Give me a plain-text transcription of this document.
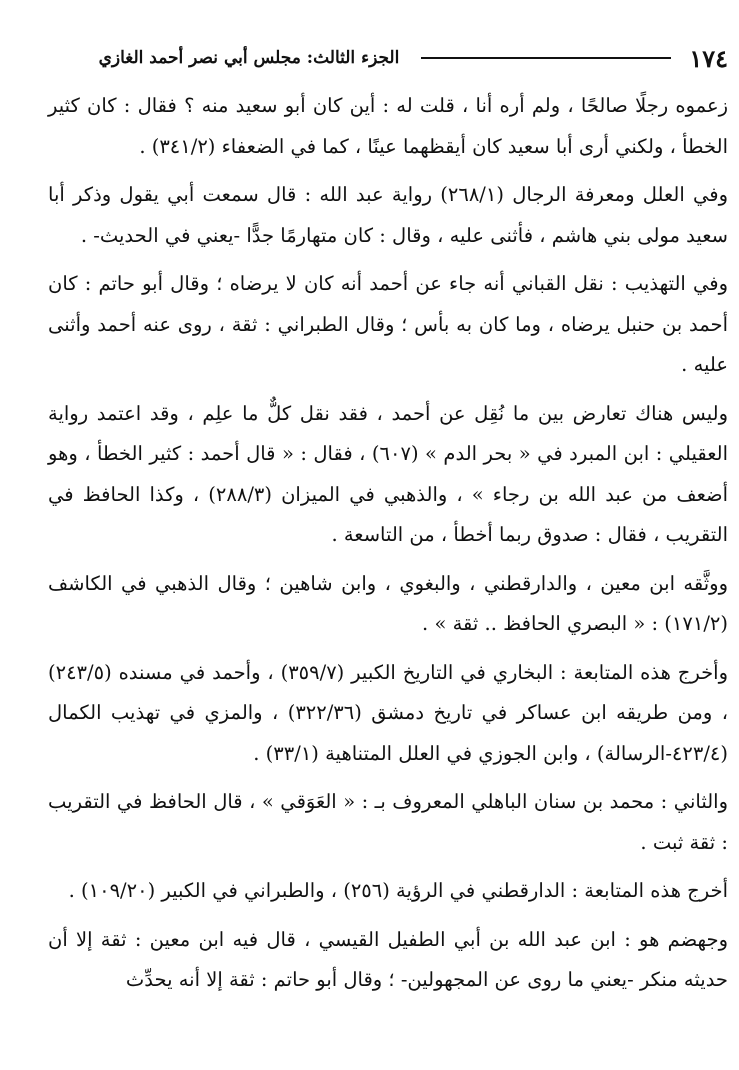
١٧٤
الجزء الثالث: مجلس أبي نصر أحمد الغازي

زعموه رجلًا صالحًا ، ولم أره أنا ، قلت له : أين كان أبو سعيد منه ؟ فقال : كان كثير الخطأ ، ولكني أرى أبا سعيد كان أيقظهما عينًا ، كما في الضعفاء (٣٤١/٢) .

وفي العلل ومعرفة الرجال (٢٦٨/١) رواية عبد الله : قال سمعت أبي يقول وذكر أبا سعيد مولى بني هاشم ، فأثنى عليه ، وقال : كان متهارمًا جدًّا -يعني في الحديث- .

وفي التهذيب : نقل القباني أنه جاء عن أحمد أنه كان لا يرضاه ؛ وقال أبو حاتم : كان أحمد بن حنبل يرضاه ، وما كان به بأس ؛ وقال الطبراني : ثقة ، روى عنه أحمد وأثنى عليه .

وليس هناك تعارض بين ما نُقِل عن أحمد ، فقد نقل كلٌّ ما علِم ، وقد اعتمد رواية العقيلي : ابن المبرد في « بحر الدم » (٦٠٧) ، فقال : « قال أحمد : كثير الخطأ ، وهو أضعف من عبد الله بن رجاء » ، والذهبي في الميزان (٢٨٨/٣) ، وكذا الحافظ في التقريب ، فقال : صدوق ربما أخطأ ، من التاسعة .

ووثَّقه ابن معين ، والدارقطني ، والبغوي ، وابن شاهين ؛ وقال الذهبي في الكاشف (١٧١/٢) : « البصري الحافظ .. ثقة » .

وأخرج هذه المتابعة : البخاري في التاريخ الكبير (٣٥٩/٧) ، وأحمد في مسنده (٢٤٣/٥) ، ومن طريقه ابن عساكر في تاريخ دمشق (٣٢٢/٣٦) ، والمزي في تهذيب الكمال (٤٢٣/٤-الرسالة) ، وابن الجوزي في العلل المتناهية (٣٣/١) .

والثاني : محمد بن سنان الباهلي المعروف بـ : « العَوَقي » ، قال الحافظ في التقريب : ثقة ثبت .

أخرج هذه المتابعة : الدارقطني في الرؤية (٢٥٦) ، والطبراني في الكبير (١٠٩/٢٠) .

وجهضم هو : ابن عبد الله بن أبي الطفيل القيسي ، قال فيه ابن معين : ثقة إلا أن حديثه منكر -يعني ما روى عن المجهولين- ؛ وقال أبو حاتم : ثقة إلا أنه يحدِّث
